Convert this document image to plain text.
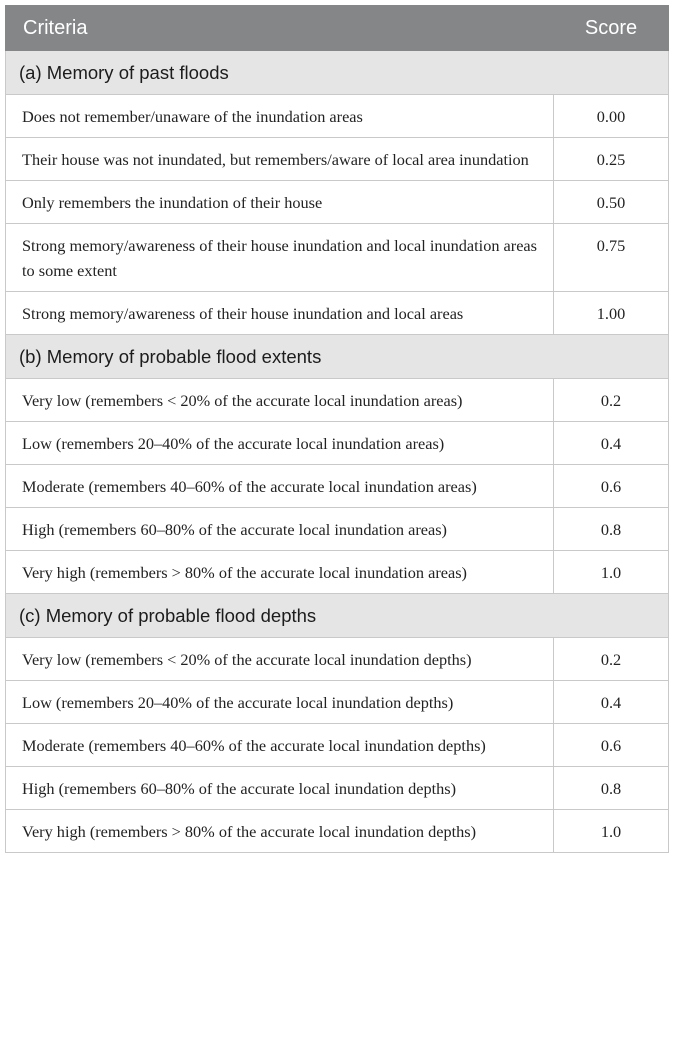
Criteria	Score
(a) Memory of past floods	
Does not remember/unaware of the inundation areas	0.00
Their house was not inundated, but remembers/aware of local area inundation	0.25
Only remembers the inundation of their house	0.50
Strong memory/awareness of their house inundation and local inundation areas to some extent	0.75
Strong memory/awareness of their house inundation and local areas	1.00
(b) Memory of probable flood extents	
Very low (remembers < 20% of the accurate local inundation areas)	0.2
Low (remembers 20–40% of the accurate local inundation areas)	0.4
Moderate (remembers 40–60% of the accurate local inundation areas)	0.6
High (remembers 60–80% of the accurate local inundation areas)	0.8
Very high (remembers > 80% of the accurate local inundation areas)	1.0
(c) Memory of probable flood depths	
Very low (remembers < 20% of the accurate local inundation depths)	0.2
Low (remembers 20–40% of the accurate local inundation depths)	0.4
Moderate (remembers 40–60% of the accurate local inundation depths)	0.6
High (remembers 60–80% of the accurate local inundation depths)	0.8
Very high (remembers > 80% of the accurate local inundation depths)	1.0
